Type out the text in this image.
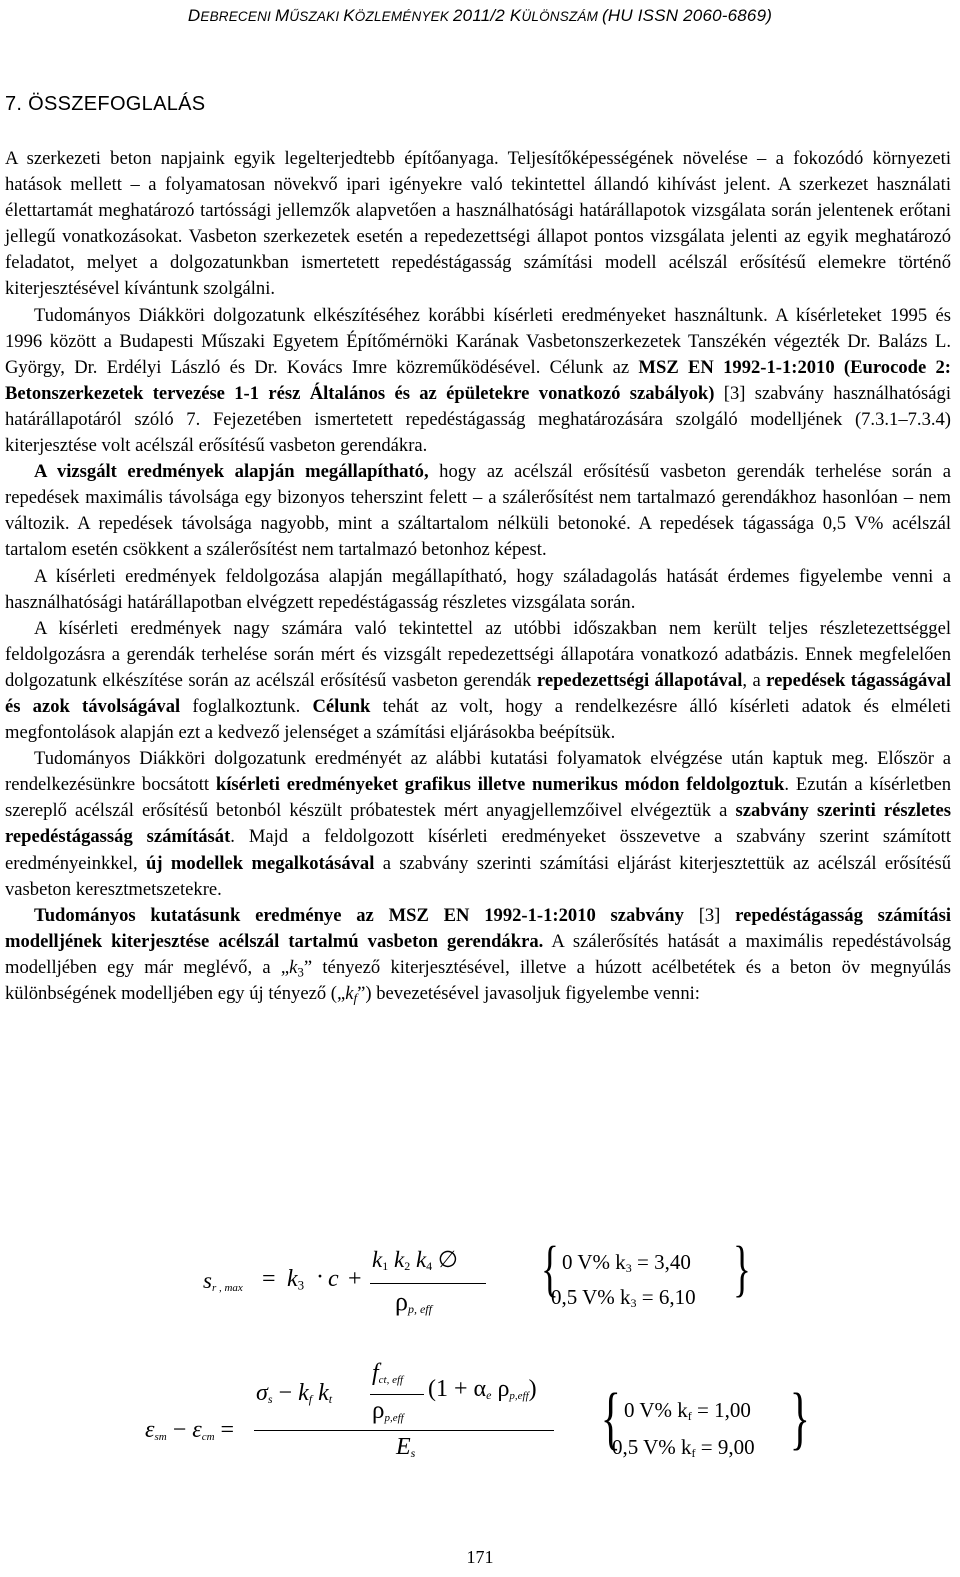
DEBRECENI MŰSZAKI KÖZLEMÉNYEK 2011/2 KÜLÖNSZÁM (HU ISSN 2060-6869)
7. ÖSSZEFOGLALÁS

A szerkezeti beton napjaink egyik legelterjedtebb építőanyaga. Teljesítőképességének növelése – a fokozódó környezeti hatások mellett – a folyamatosan növekvő ipari igényekre való tekintettel állandó kihívást jelent. A szerkezet használati élettartamát meghatározó tartóssági jellemzők alapvetően a használhatósági határállapotok vizsgálata során jelentenek erőtani jellegű vonatkozásokat. Vasbeton szerkezetek esetén a repedezettségi állapot pontos vizsgálata jelenti az egyik meghatározó feladatot, melyet a dolgozatunkban ismertetett repedéstágasság számítási modell acélszál erősítésű elemekre történő kiterjesztésével kívántunk szolgálni.

Tudományos Diákköri dolgozatunk elkészítéséhez korábbi kísérleti eredményeket használtunk. A kísérleteket 1995 és 1996 között a Budapesti Műszaki Egyetem Építőmérnöki Karának Vasbetonszerkezetek Tanszékén végezték Dr. Balázs L. György, Dr. Erdélyi László és Dr. Kovács Imre közreműködésével. Célunk az MSZ EN 1992-1-1:2010 (Eurocode 2: Betonszerkezetek tervezése 1-1 rész Általános és az épületekre vonatkozó szabályok) [3] szabvány használhatósági határállapotáról szóló 7. Fejezetében ismertetett repedéstágasság meghatározására szolgáló modelljének (7.3.1–7.3.4) kiterjesztése volt acélszál erősítésű vasbeton gerendákra.

A vizsgált eredmények alapján megállapítható, hogy az acélszál erősítésű vasbeton gerendák terhelése során a repedések maximális távolsága egy bizonyos teherszint felett – a szálerősítést nem tartalmazó gerendákhoz hasonlóan – nem változik. A repedések távolsága nagyobb, mint a száltartalom nélküli betonoké. A repedések tágassága 0,5 V% acélszál tartalom esetén csökkent a szálerősítést nem tartalmazó betonhoz képest.

A kísérleti eredmények feldolgozása alapján megállapítható, hogy száladagolás hatását érdemes figyelembe venni a használhatósági határállapotban elvégzett repedéstágasság részletes vizsgálata során.

A kísérleti eredmények nagy számára való tekintettel az utóbbi időszakban nem került teljes részletezettséggel feldolgozásra a gerendák terhelése során mért és vizsgált repedezettségi állapotára vonatkozó adatbázis. Ennek megfelelően dolgozatunk elkészítése során az acélszál erősítésű vasbeton gerendák repedezettségi állapotával, a repedések tágasságával és azok távolságával foglalkoztunk. Célunk tehát az volt, hogy a rendelkezésre álló kísérleti adatok és elméleti megfontolások alapján ezt a kedvező jelenséget a számítási eljárásokba beépítsük.

Tudományos Diákköri dolgozatunk eredményét az alábbi kutatási folyamatok elvégzése után kaptuk meg. Először a rendelkezésünkre bocsátott kísérleti eredményeket grafikus illetve numerikus módon feldolgoztuk. Ezután a kísérletben szereplő acélszál erősítésű betonból készült próbatestek mért anyagjellemzőivel elvégeztük a szabvány szerinti részletes repedéstágasság számítását. Majd a feldolgozott kísérleti eredményeket összevetve a szabvány szerint számított eredményeinkkel, új modellek megalkotásával a szabvány szerinti számítási eljárást kiterjesztettük az acélszál erősítésű vasbeton keresztmetszetekre.

Tudományos kutatásunk eredménye az MSZ EN 1992-1-1:2010 szabvány [3] repedéstágasság számítási modelljének kiterjesztése acélszál tartalmú vasbeton gerendákra. A szálerősítés hatását a maximális repedéstávolság modelljében egy már meglévő, a $„k_3$” tényező kiterjesztésével, illetve a húzott acélbetétek és a beton öv megnyúlás különbségének modelljében egy új tényező $(„k_f”)$ bevezetésével javasoljuk figyelembe venni:

$s_{r , max} = k_3 \cdot c$ +
$k_1$ $k_2$ $k_4$ ∅
$\rho_{p, eff}$
{ 0 V% $k_3 = 3,40$
0,5 V% $k_3 = 6,10$ }
$\varepsilon_{sm} - \varepsilon_{cm}$ =
$\sigma_s - k_f$ $k_t$
$f_{ct, eff}$
$\rho_{p,eff}$
($1 + \alpha_e$ $\rho_{p,eff}$)
$E_s$	{ 0 V% $k_f = 1,00$
0,5 V% $k_f = 9,00$ }
171
